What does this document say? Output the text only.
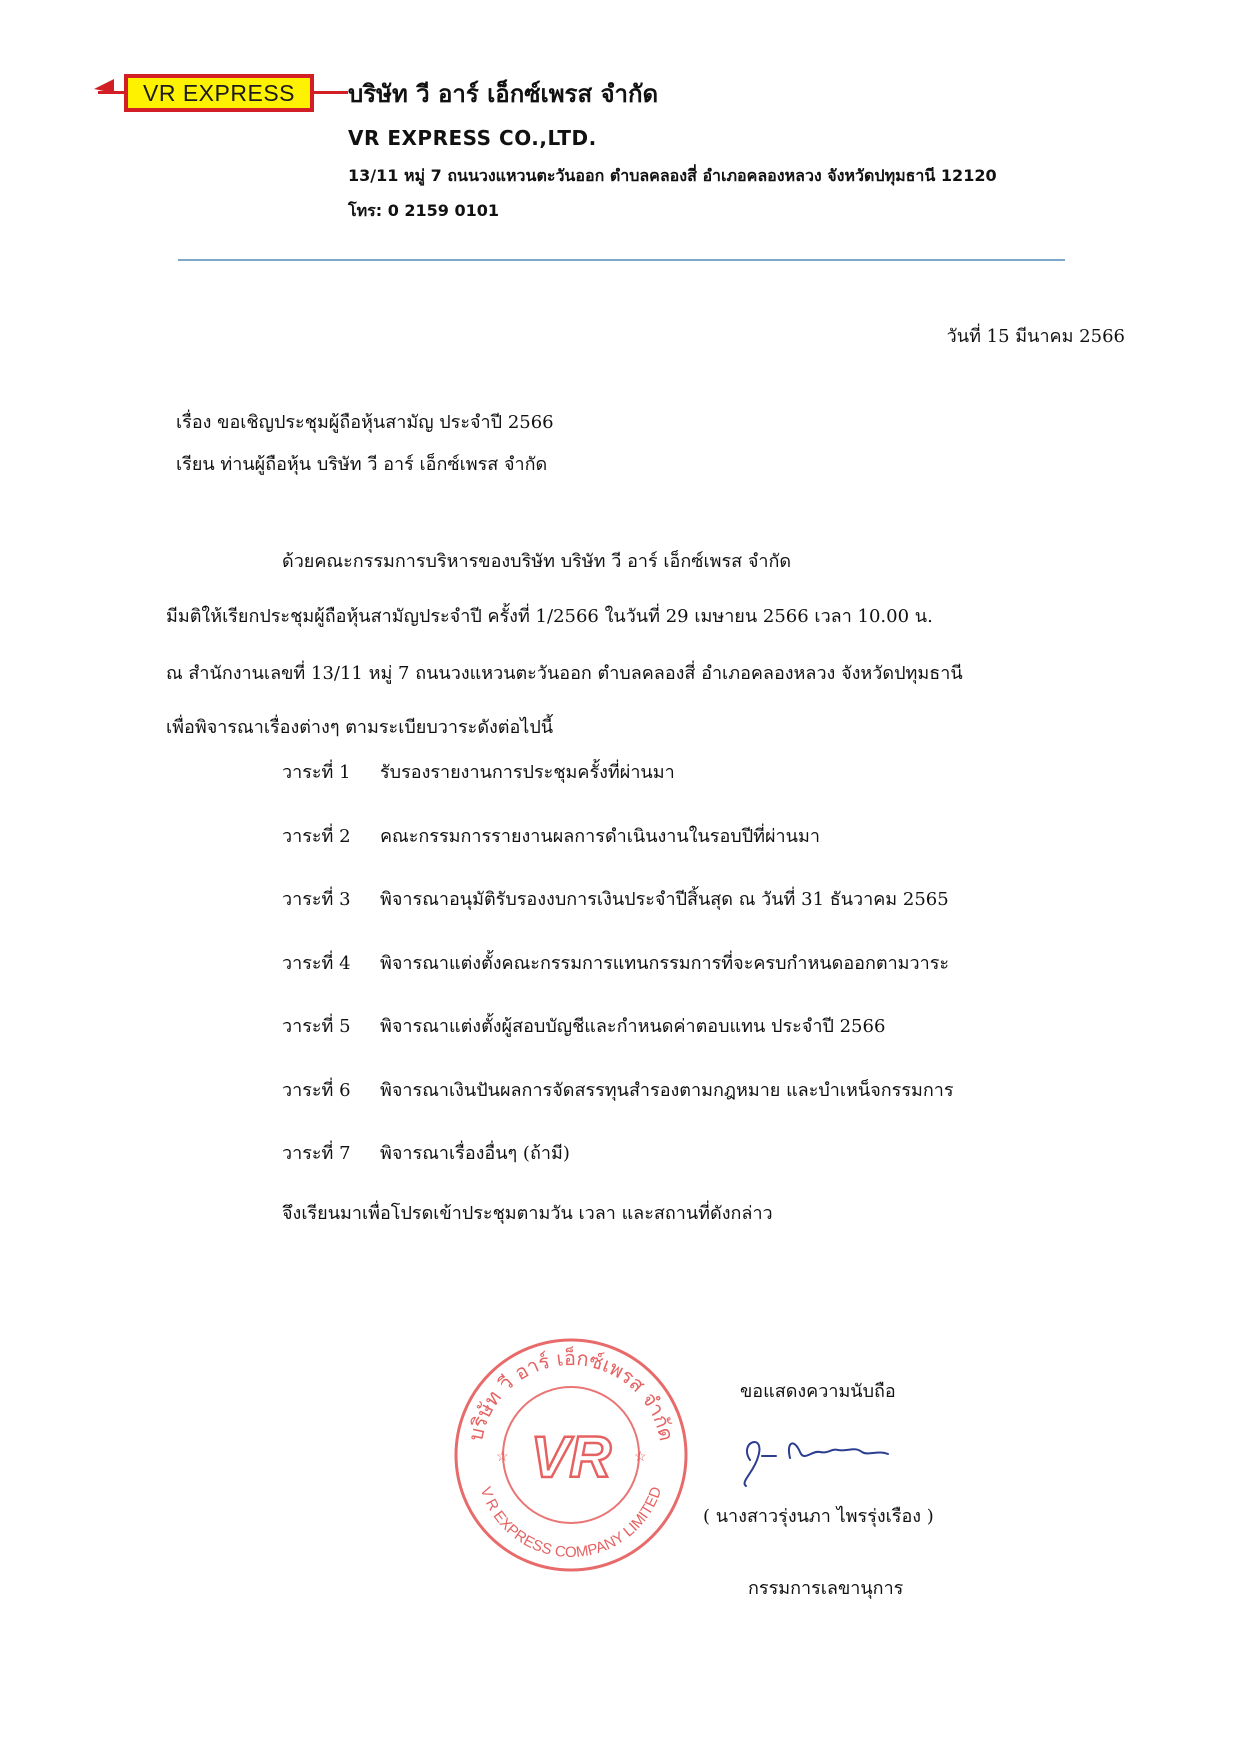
VR EXPRESS บริษัท วี อาร์ เอ็กซ์เพรส จำกัด
VR EXPRESS CO.,LTD.
13/11 หมู่ 7 ถนนวงแหวนตะวันออก ตำบลคลองสี่ อำเภอคลองหลวง จังหวัดปทุมธานี 12120
โทร: 0 2159 0101
วันที่ 15 มีนาคม 2566
เรื่อง ขอเชิญประชุมผู้ถือหุ้นสามัญ ประจำปี 2566
เรียน ท่านผู้ถือหุ้น บริษัท วี อาร์ เอ็กซ์เพรส จำกัด
ด้วยคณะกรรมการบริหารของบริษัท บริษัท วี อาร์ เอ็กซ์เพรส จำกัด
มีมติให้เรียกประชุมผู้ถือหุ้นสามัญประจำปี ครั้งที่ 1/2566 ในวันที่ 29 เมษายน 2566 เวลา 10.00 น.
ณ สำนักงานเลขที่ 13/11 หมู่ 7 ถนนวงแหวนตะวันออก ตำบลคลองสี่ อำเภอคลองหลวง จังหวัดปทุมธานี
เพื่อพิจารณาเรื่องต่างๆ ตามระเบียบวาระดังต่อไปนี้
วาระที่ 1 รับรองรายงานการประชุมครั้งที่ผ่านมา
วาระที่ 2 คณะกรรมการรายงานผลการดำเนินงานในรอบปีที่ผ่านมา
วาระที่ 3 พิจารณาอนุมัติรับรองงบการเงินประจำปีสิ้นสุด ณ วันที่ 31 ธันวาคม 2565
วาระที่ 4 พิจารณาแต่งตั้งคณะกรรมการแทนกรรมการที่จะครบกำหนดออกตามวาระ
วาระที่ 5 พิจารณาแต่งตั้งผู้สอบบัญชีและกำหนดค่าตอบแทน ประจำปี 2566
วาระที่ 6 พิจารณาเงินปันผลการจัดสรรทุนสำรองตามกฎหมาย และบำเหน็จกรรมการ
วาระที่ 7 พิจารณาเรื่องอื่นๆ (ถ้ามี)
จึงเรียนมาเพื่อโปรดเข้าประชุมตามวัน เวลา และสถานที่ดังกล่าว
บริษัท วี อาร์ เอ็กซ์เพรส จำกัด
V R EXPRESS COMPANY LIMITED
☆	☆
VR
ขอแสดงความนับถือ
( นางสาวรุ่งนภา ไพรรุ่งเรือง )
กรรมการเลขานุการ
